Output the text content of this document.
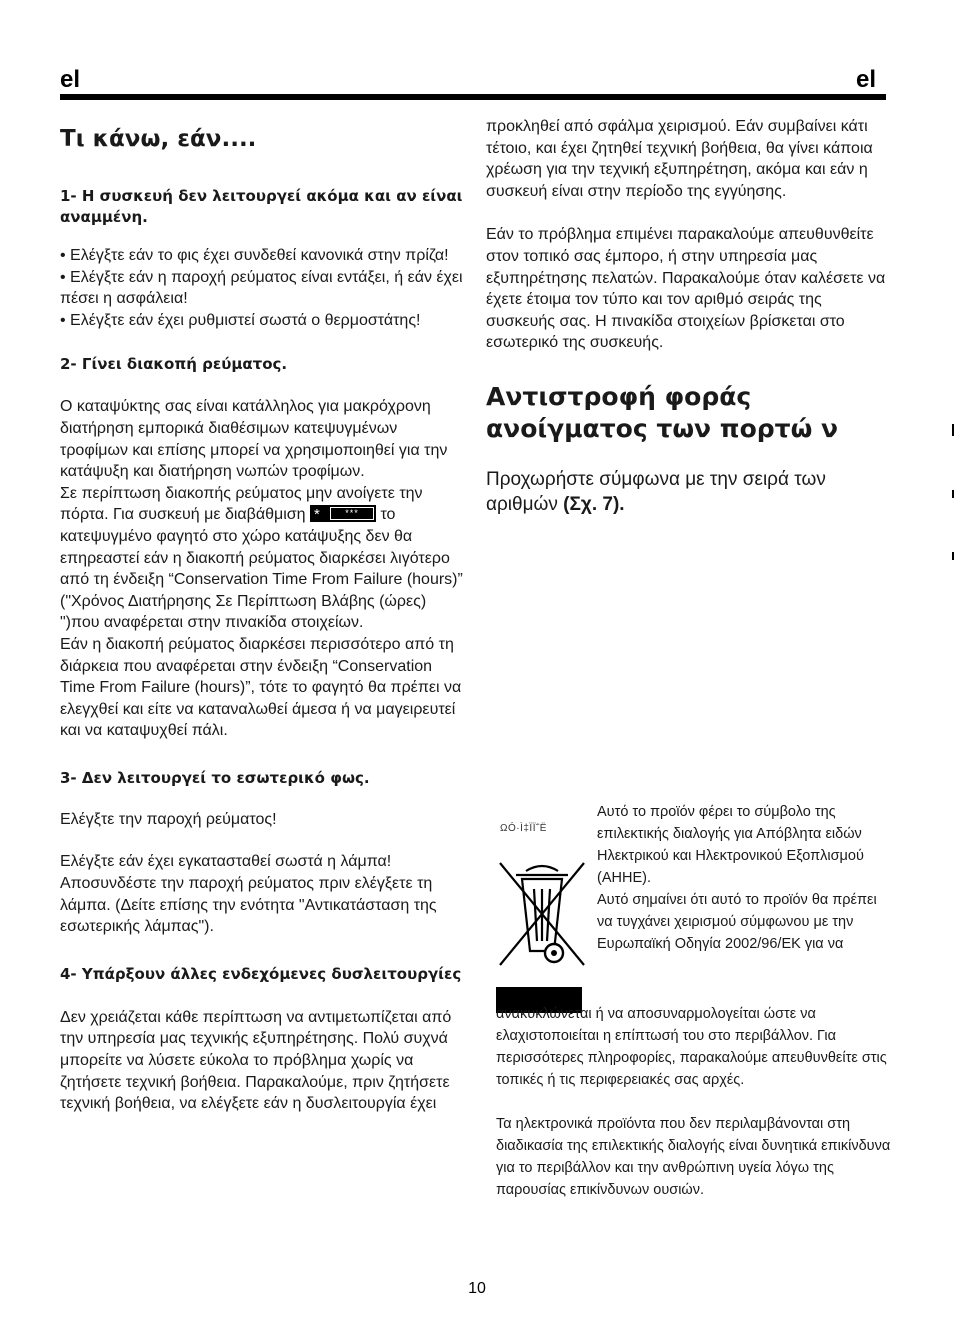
el	el
Τι κάνω, εάν....
1- Η συσκευή δεν λειτουργεί ακόμα και αν είναι αναμμένη.

• Ελέγξτε εάν το φις έχει συνδεθεί κανονικά στην πρίζα!
• Ελέγξτε εάν η παροχή ρεύματος είναι εντάξει, ή εάν έχει πέσει η ασφάλεια!
• Ελέγξτε εάν έχει ρυθμιστεί σωστά ο θερμοστάτης!

2- Γίνει διακοπή ρεύματος.

Ο καταψύκτης σας είναι κατάλληλος για μακρόχρονη διατήρηση εμπορικά διαθέσιμων κατεψυγμένων τροφίμων και επίσης μπορεί να χρησιμοποιηθεί για την κατάψυξη και διατήρηση νωπών τροφίμων.
Σε περίπτωση διακοπής ρεύματος μην ανοίγετε την πόρτα. Για συσκευή με διαβάθμιση *	***	το κατεψυγμένο φαγητό στο χώρο κατάψυξης δεν θα επηρεαστεί εάν η διακοπή ρεύματος διαρκέσει λιγότερο από τη ένδειξη “Conservation Time From Failure (hours)” ("Χρόνος Διατήρησης Σε Περίπτωση Βλάβης (ώρες) ")που αναφέρεται στην πινακίδα στοιχείων.
Εάν η διακοπή ρεύματος διαρκέσει περισσότερο από τη διάρκεια που αναφέρεται στην ένδειξη “Conservation Time From Failure (hours)”, τότε το φαγητό θα πρέπει να ελεγχθεί και είτε να καταναλωθεί άμεσα ή να μαγειρευτεί και να καταψυχθεί πάλι.

3- Δεν λειτουργεί το εσωτερικό φως.

Ελέγξτε την παροχή ρεύματος!

Ελέγξτε εάν έχει εγκατασταθεί σωστά η λάμπα! Αποσυνδέστε την παροχή ρεύματος πριν ελέγξετε τη λάμπα. (Δείτε επίσης την ενότητα "Αντικατάσταση της εσωτερικής λάμπας").

4- Υπάρξουν άλλες ενδεχόμενες δυσλειτουργίες

Δεν χρειάζεται κάθε περίπτωση να αντιμετωπίζεται από την υπηρεσία μας τεχνικής εξυπηρέτησης. Πολύ συχνά μπορείτε να λύσετε εύκολα το πρόβλημα χωρίς να ζητήσετε τεχνική βοήθεια. Παρακαλούμε, πριν ζητήσετε τεχνική βοήθεια, να ελέγξετε εάν η δυσλειτουργία έχει

προκληθεί από σφάλμα χειρισμού. Εάν συμβαίνει κάτι τέτοιο, και έχει ζητηθεί τεχνική βοήθεια, θα γίνει κάποια χρέωση για την τεχνική εξυπηρέτηση, ακόμα και εάν η συσκευή είναι στην περίοδο της εγγύησης.

Εάν το πρόβλημα επιμένει παρακαλούμε απευθυνθείτε στον τοπικό σας έμπορο, ή στην υπηρεσία μας εξυπηρέτησης πελατών. Παρακαλούμε όταν καλέσετε να έχετε έτοιμα τον τύπο και τον αριθμό σειράς της συσκευής σας. Η πινακίδα στοιχείων βρίσκεται στο εσωτερικό της συσκευής.

Αντιστροφή φοράς ανοίγματος των πορτώ ν

Προχωρήστε σύμφωνα με την σειρά των αριθμών (Σχ. 7).

ΩÓ·Ì‡ÏΪ΅Ë

Αυτό το προϊόν φέρει το σύμβολο της επιλεκτικής διαλογής για Απόβλητα ειδών Ηλεκτρικού και Ηλεκτρονικού Εξοπλισμού (ΑΗΗΕ).
Αυτό σημαίνει ότι αυτό το προϊόν θα πρέπει να τυγχάνει χειρισμού σύμφωνου με την Ευρωπαϊκή Οδηγία 2002/96/ΕΚ για να

ανακυκλώνεται ή να αποσυναρμολογείται ώστε να ελαχιστοποιείται η επίπτωσή του στο περιβάλλον. Για περισσότερες πληροφορίες, παρακαλούμε απευθυνθείτε στις τοπικές ή τις περιφερειακές σας αρχές.

Τα ηλεκτρονικά προϊόντα που δεν περιλαμβάνονται στη διαδικασία της επιλεκτικής διαλογής είναι δυνητικά επικίνδυνα για το περιβάλλον και την ανθρώπινη υγεία λόγω της παρουσίας επικίνδυνων ουσιών.

10
